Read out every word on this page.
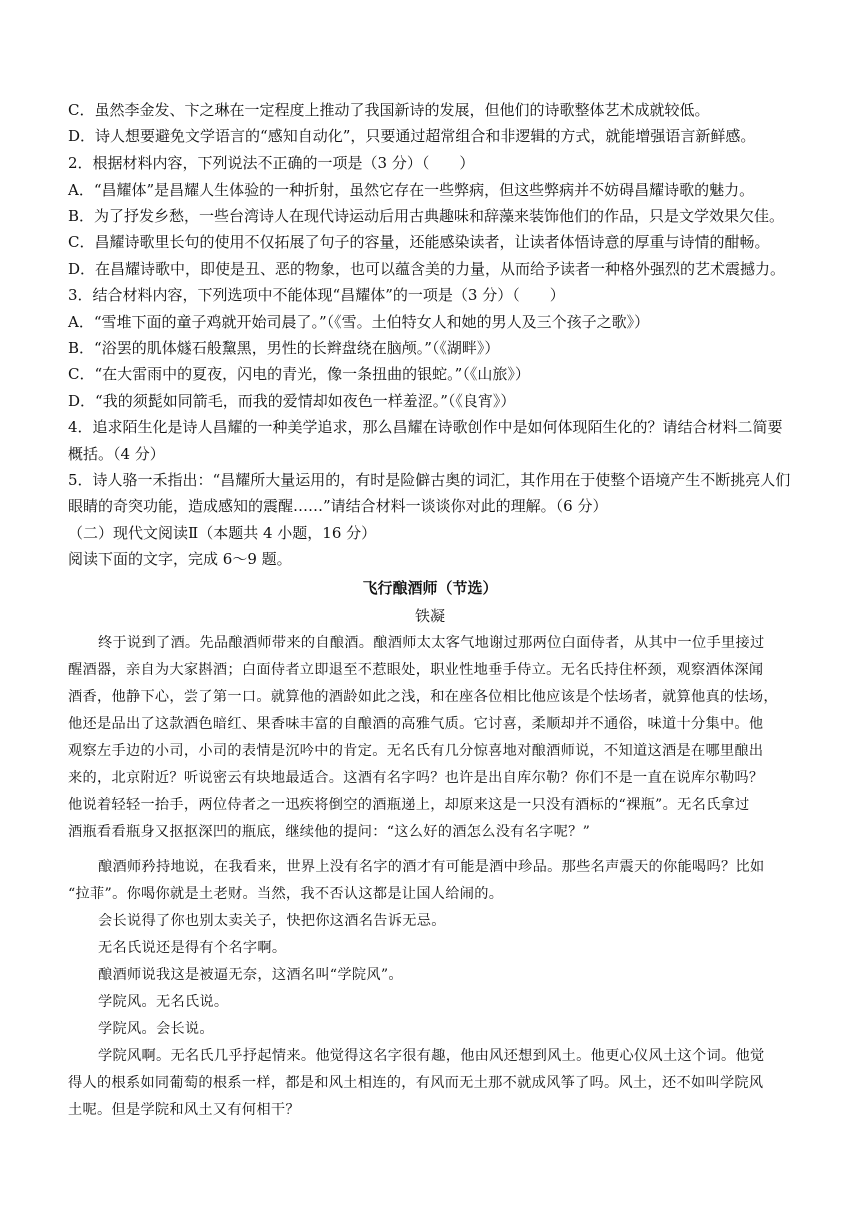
C．虽然李金发、卞之琳在一定程度上推动了我国新诗的发展，但他们的诗歌整体艺术成就较低。
D．诗人想要避免文学语言的“感知自动化”，只要通过超常组合和非逻辑的方式，就能增强语言新鲜感。
2．根据材料内容，下列说法不正确的一项是（3 分）（　　）
A．“昌耀体”是昌耀人生体验的一种折射，虽然它存在一些弊病，但这些弊病并不妨碍昌耀诗歌的魅力。
B．为了抒发乡愁，一些台湾诗人在现代诗运动后用古典趣味和辞藻来装饰他们的作品，只是文学效果欠佳。
C．昌耀诗歌里长句的使用不仅拓展了句子的容量，还能感染读者，让读者体悟诗意的厚重与诗情的酣畅。
D．在昌耀诗歌中，即使是丑、恶的物象，也可以蕴含美的力量，从而给予读者一种格外强烈的艺术震撼力。
3．结合材料内容，下列选项中不能体现“昌耀体”的一项是（3 分）（　　）
A．“雪堆下面的童子鸡就开始司晨了。”（《雪。土伯特女人和她的男人及三个孩子之歌》）
B．“浴罢的肌体燧石般黧黑，男性的长辫盘绕在脑颅。”（《湖畔》）
C．“在大雷雨中的夏夜，闪电的青光，像一条扭曲的银蛇。”（《山旅》）
D．“我的须髭如同箭毛，而我的爱情却如夜色一样羞涩。”（《良宵》）
4．追求陌生化是诗人昌耀的一种美学追求，那么昌耀在诗歌创作中是如何体现陌生化的？请结合材料二简要
概括。（4 分）
5．诗人骆一禾指出：“昌耀所大量运用的，有时是险僻古奥的词汇，其作用在于使整个语境产生不断挑亮人们
眼睛的奇突功能，造成感知的震醒……”请结合材料一谈谈你对此的理解。（6 分）
（二）现代文阅读Ⅱ（本题共 4 小题，16 分）
阅读下面的文字，完成 6～9 题。
飞行酿酒师（节选）
铁凝
终于说到了酒。先品酿酒师带来的自酿酒。酿酒师太太客气地谢过那两位白面侍者，从其中一位手里接过
醒酒器，亲自为大家斟酒；白面侍者立即退至不惹眼处，职业性地垂手侍立。无名氏持住杯颈，观察酒体深闻
酒香，他静下心，尝了第一口。就算他的酒龄如此之浅，和在座各位相比他应该是个怯场者，就算他真的怯场，
他还是品出了这款酒色暗红、果香味丰富的自酿酒的高雅气质。它讨喜，柔顺却并不通俗，味道十分集中。他
观察左手边的小司，小司的表情是沉吟中的肯定。无名氏有几分惊喜地对酿酒师说，不知道这酒是在哪里酿出
来的，北京附近？听说密云有块地最适合。这酒有名字吗？也许是出自库尔勒？你们不是一直在说库尔勒吗？
他说着轻轻一抬手，两位侍者之一迅疾将倒空的酒瓶递上，却原来这是一只没有酒标的“裸瓶”。无名氏拿过
酒瓶看看瓶身又抠抠深凹的瓶底，继续他的提问：“这么好的酒怎么没有名字呢？”
酿酒师矜持地说，在我看来，世界上没有名字的酒才有可能是酒中珍品。那些名声震天的你能喝吗？比如
“拉菲”。你喝你就是土老财。当然，我不否认这都是让国人给闹的。
会长说得了你也别太卖关子，快把你这酒名告诉无忌。
无名氏说还是得有个名字啊。
酿酒师说我这是被逼无奈，这酒名叫“学院风”。
学院风。无名氏说。
学院风。会长说。
学院风啊。无名氏几乎抒起情来。他觉得这名字很有趣，他由风还想到风土。他更心仪风土这个词。他觉
得人的根系如同葡萄的根系一样，都是和风土相连的，有风而无土那不就成风筝了吗。风土，还不如叫学院风
土呢。但是学院和风土又有何相干？
